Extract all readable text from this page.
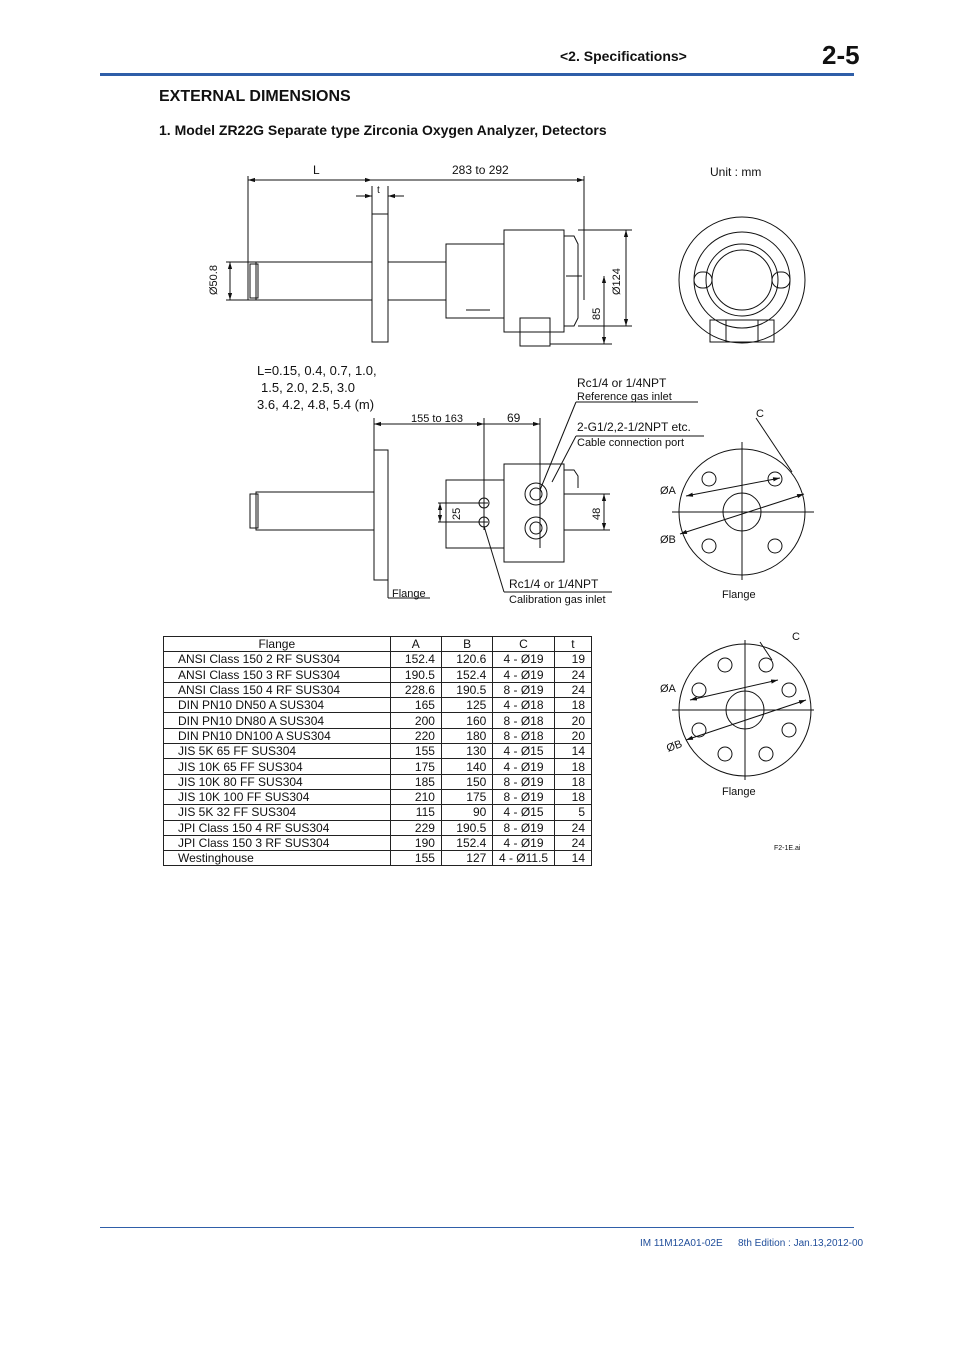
<2. Specifications>	2-5
EXTERNAL DIMENSIONS
1. Model ZR22G Separate type Zirconia Oxygen Analyzer, Detectors
L	283 to 292
t
Unit : mm
Ø50.8	Ø124
85
L=0.15, 0.4, 0.7, 1.0,
1.5, 2.0, 2.5, 3.0
3.6, 4.2, 4.8, 5.4 (m)
155 to 163	69
25	48
Rc1/4 or 1/4NPT
Reference gas inlet
2-G1/2,2-1/2NPT etc.
Cable connection port
Rc1/4 or 1/4NPT
Calibration gas inlet
Flange
C
ØA
ØB
Flange
C
ØA
ØB
Flange
F2-1E.ai
Flange	A	B	C	t
ANSI Class 150 2 RF SUS304	152.4	120.6	4 - Ø19	19
ANSI Class 150 3 RF SUS304	190.5	152.4	4 - Ø19	24
ANSI Class 150 4 RF SUS304	228.6	190.5	8 - Ø19	24
DIN PN10 DN50 A SUS304	165	125	4 - Ø18	18
DIN PN10 DN80 A SUS304	200	160	8 - Ø18	20
DIN PN10 DN100 A SUS304	220	180	8 - Ø18	20
JIS 5K 65 FF SUS304	155	130	4 - Ø15	14
JIS 10K 65 FF SUS304	175	140	4 - Ø19	18
JIS 10K 80 FF SUS304	185	150	8 - Ø19	18
JIS 10K 100 FF SUS304	210	175	8 - Ø19	18
JIS 5K 32 FF SUS304	115	90	4 - Ø15	5
JPI Class 150 4 RF SUS304	229	190.5	8 - Ø19	24
JPI Class 150 3 RF SUS304	190	152.4	4 - Ø19	24
Westinghouse	155	127	4 - Ø11.5	14
IM 11M12A01-02E 8th Edition : Jan.13,2012-00
